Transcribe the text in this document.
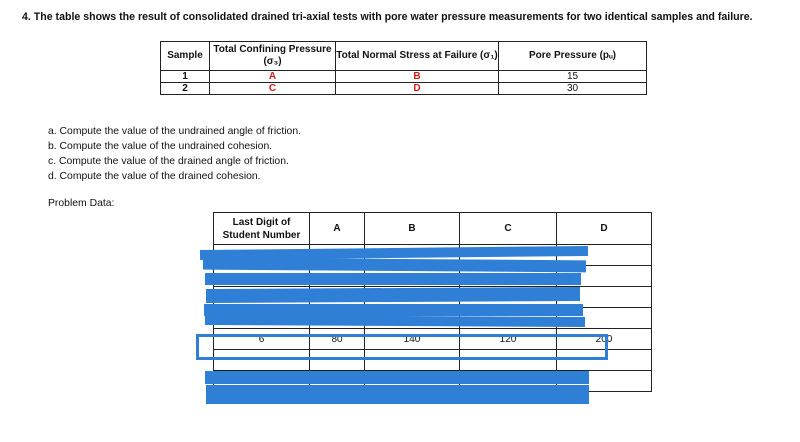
4. The table shows the result of consolidated drained tri-axial tests with pore water pressure measurements for two identical samples and failure.
Sample	Total Confining Pressure (σ₃)	Total Normal Stress at Failure (σ₁)	Pore Pressure (pᵤ)
1	A	B	15
2	C	D	30
a. Compute the value of the undrained angle of friction.
b. Compute the value of the undrained cohesion.
c. Compute the value of the drained angle of friction.
d. Compute the value of the drained cohesion.
Problem Data:
Last Digit of Student Number	A	B	C	D

6	80	140	120	200
